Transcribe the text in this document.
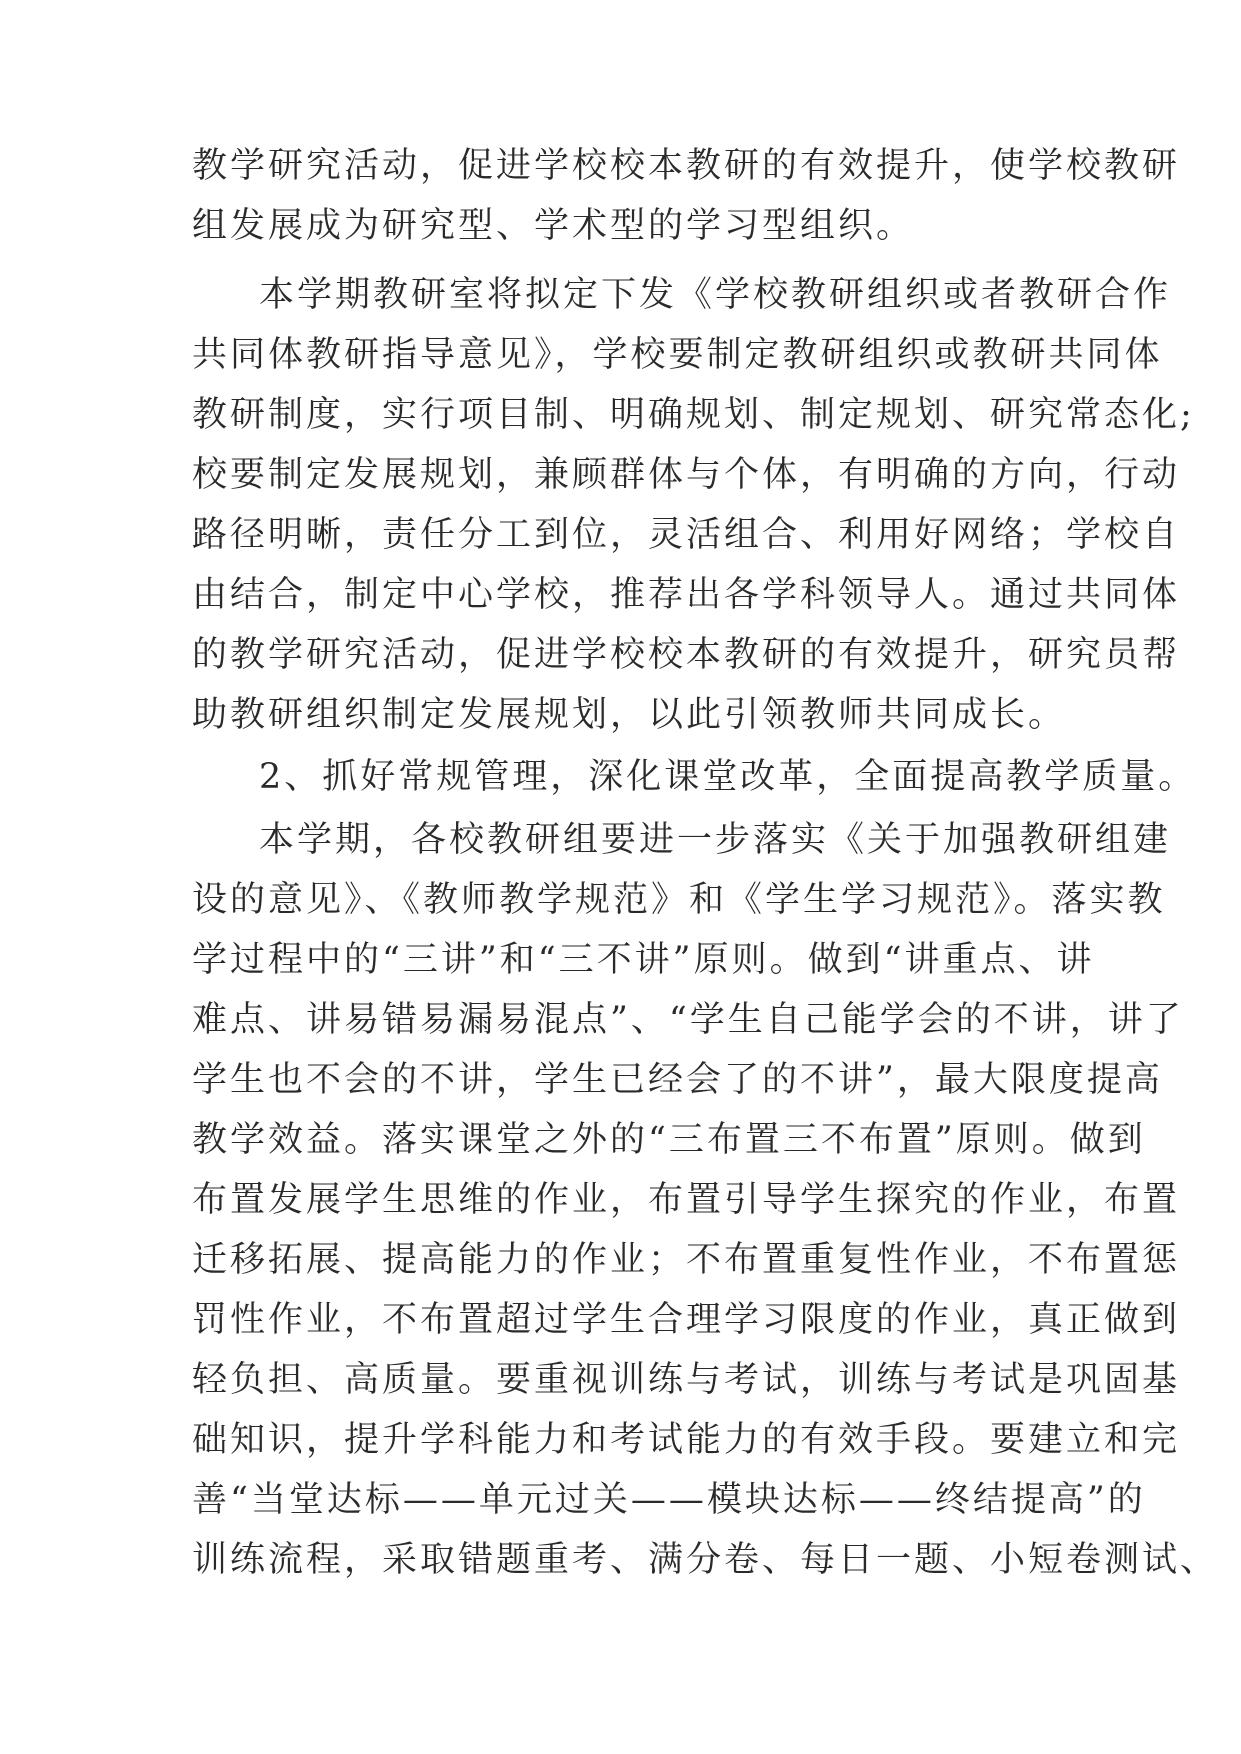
教学研究活动，促进学校校本教研的有效提升，使学校教研
组发展成为研究型、学术型的学习型组织。
本学期教研室将拟定下发《学校教研组织或者教研合作
共同体教研指导意见》，学校要制定教研组织或教研共同体
教研制度，实行项目制、明确规划、制定规划、研究常态化;
校要制定发展规划，兼顾群体与个体，有明确的方向，行动
路径明晰，责任分工到位，灵活组合、利用好网络；学校自
由结合，制定中心学校，推荐出各学科领导人。通过共同体
的教学研究活动，促进学校校本教研的有效提升，研究员帮
助教研组织制定发展规划，以此引领教师共同成长。
2、抓好常规管理，深化课堂改革，全面提高教学质量。
本学期，各校教研组要进一步落实《关于加强教研组建
设的意见》、《教师教学规范》和《学生学习规范》。落实教
学过程中的“三讲”和“三不讲”原则。做到“讲重点、讲
难点、讲易错易漏易混点”、“学生自己能学会的不讲，讲了
学生也不会的不讲，学生已经会了的不讲”，最大限度提高
教学效益。落实课堂之外的“三布置三不布置”原则。做到
布置发展学生思维的作业，布置引导学生探究的作业，布置
迁移拓展、提高能力的作业；不布置重复性作业，不布置惩
罚性作业，不布置超过学生合理学习限度的作业，真正做到
轻负担、高质量。要重视训练与考试，训练与考试是巩固基
础知识，提升学科能力和考试能力的有效手段。要建立和完
善“当堂达标——单元过关——模块达标——终结提高”的
训练流程，采取错题重考、满分卷、每日一题、小短卷测试、
